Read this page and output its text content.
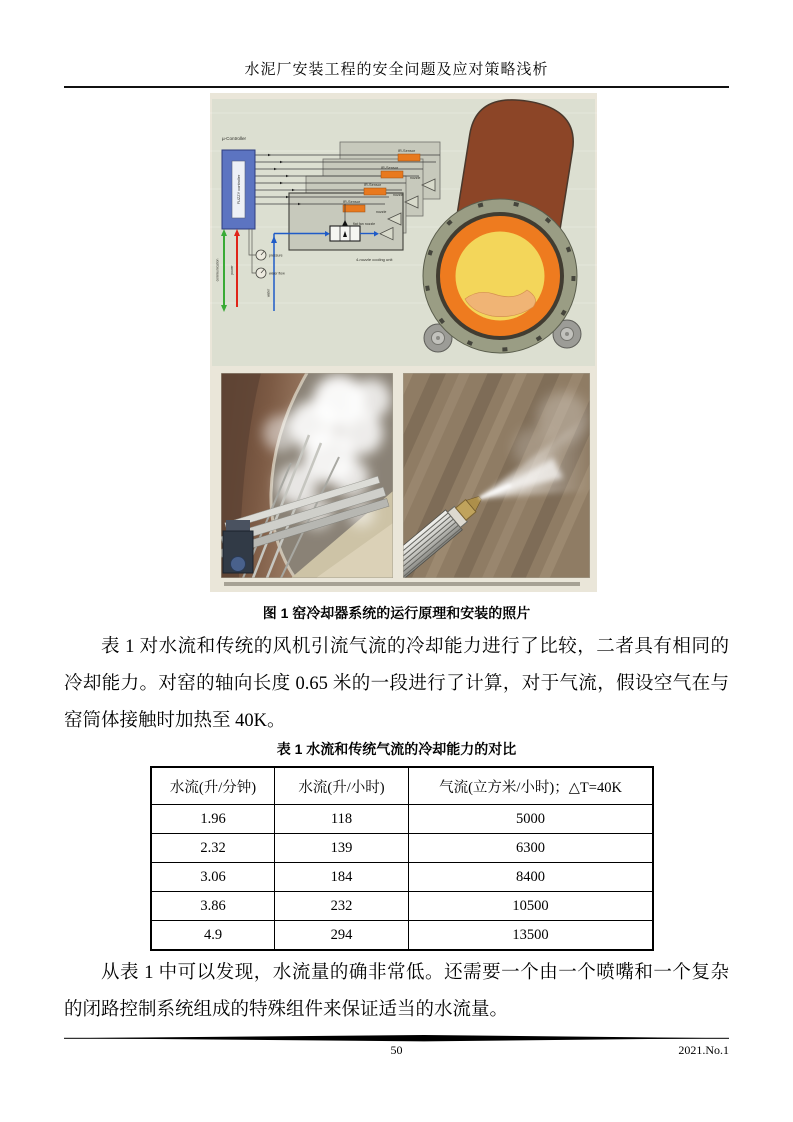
水泥厂安装工程的安全问题及应对策略浅析
µ-Controller
FUZZY controller
IR-Sensor
IR-Sensor
IR-Sensor
IR-Sensor
nozzle
nozzle
nozzle
flat fan nozzle
4-nozzle cooling unit
communication	power
water
pressure
water flow
图 1 窑冷却器系统的运行原理和安装的照片
表 1 对水流和传统的风机引流气流的冷却能力进行了比较，二者具有相同的
冷却能力。对窑的轴向长度 0.65 米的一段进行了计算，对于气流，假设空气在与
窑筒体接触时加热至 40K。
表 1 水流和传统气流的冷却能力的对比
水流(升/分钟)	水流(升/小时)	气流(立方米/小时)；△T=40K
1.96	118	5000
2.32	139	6300
3.06	184	8400
3.86	232	10500
4.9	294	13500
从表 1 中可以发现，水流量的确非常低。还需要一个由一个喷嘴和一个复杂
的闭路控制系统组成的特殊组件来保证适当的水流量。
50	2021.No.1
